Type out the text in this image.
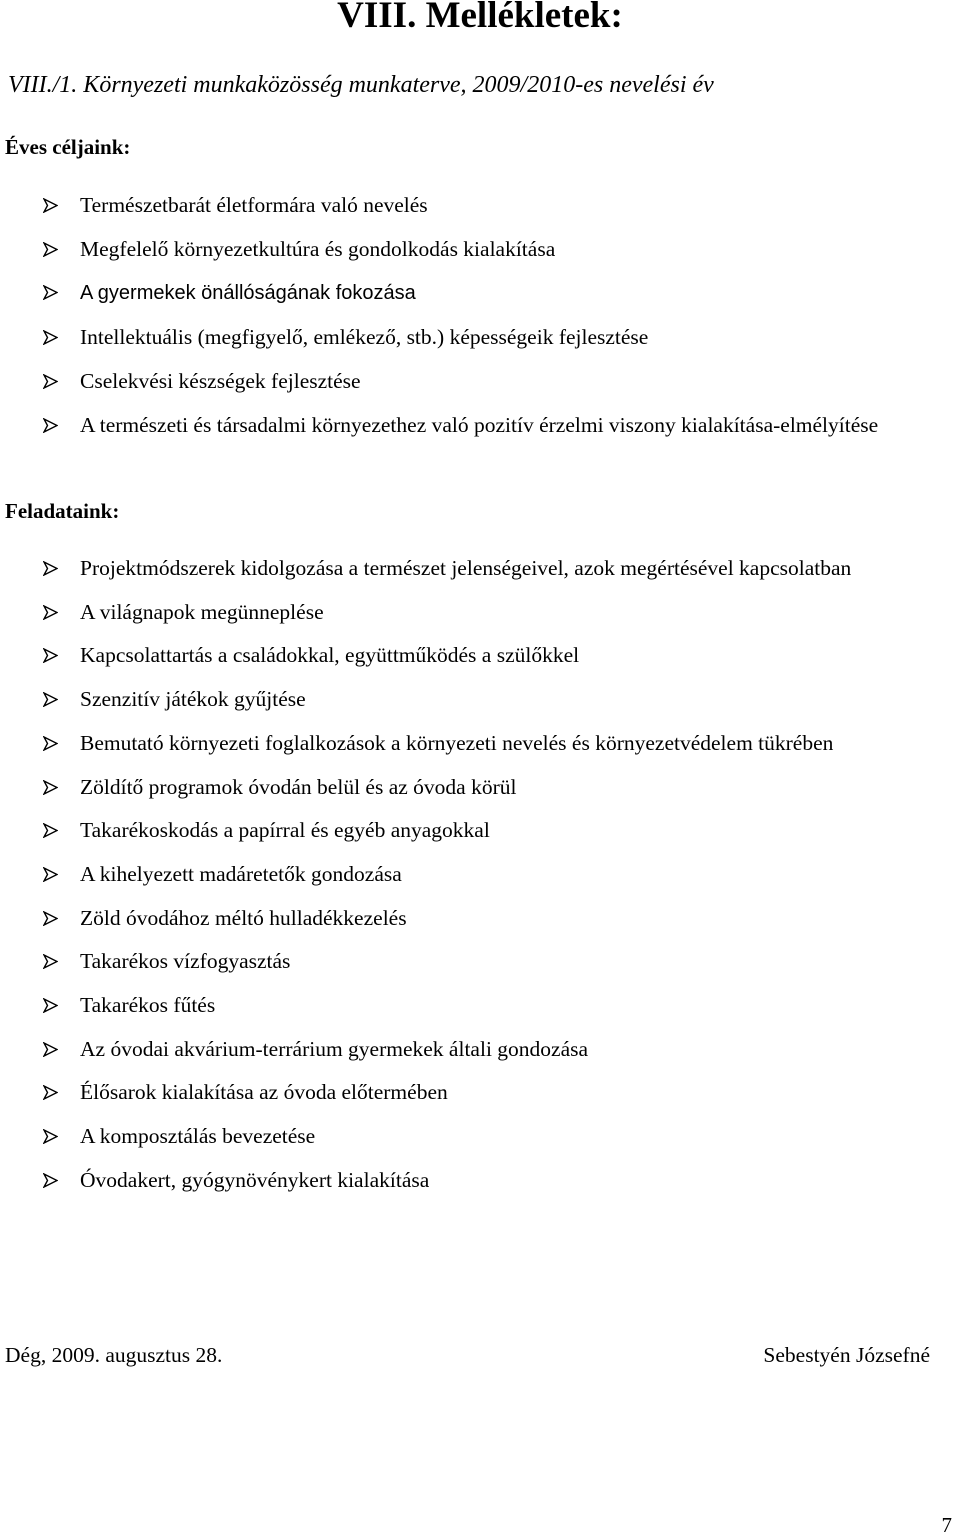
VIII. Mellékletek:

VIII./1. Környezeti munkaközösség munkaterve, 2009/2010-es nevelési év

Éves céljaink:

Természetbarát életformára való nevelés
Megfelelő környezetkultúra és gondolkodás kialakítása
A gyermekek önállóságának fokozása
Intellektuális (megfigyelő, emlékező, stb.) képességeik fejlesztése
Cselekvési készségek fejlesztése
A természeti és társadalmi környezethez való pozitív érzelmi viszony kialakítása-elmélyítése

Feladataink:

Projektmódszerek kidolgozása a természet jelenségeivel, azok megértésével kapcsolatban
A világnapok megünneplése
Kapcsolattartás a családokkal, együttműködés a szülőkkel
Szenzitív játékok gyűjtése
Bemutató környezeti foglalkozások a környezeti nevelés és környezetvédelem tükrében
Zöldítő programok óvodán belül és az óvoda körül
Takarékoskodás a papírral és egyéb anyagokkal
A kihelyezett madáretetők gondozása
Zöld óvodához méltó hulladékkezelés
Takarékos vízfogyasztás
Takarékos fűtés
Az óvodai akvárium-terrárium gyermekek általi gondozása
Élősarok kialakítása az óvoda előtermében
A komposztálás bevezetése
Óvodakert, gyógynövénykert kialakítása

Dég, 2009. augusztus 28.	Sebestyén Józsefné

7
